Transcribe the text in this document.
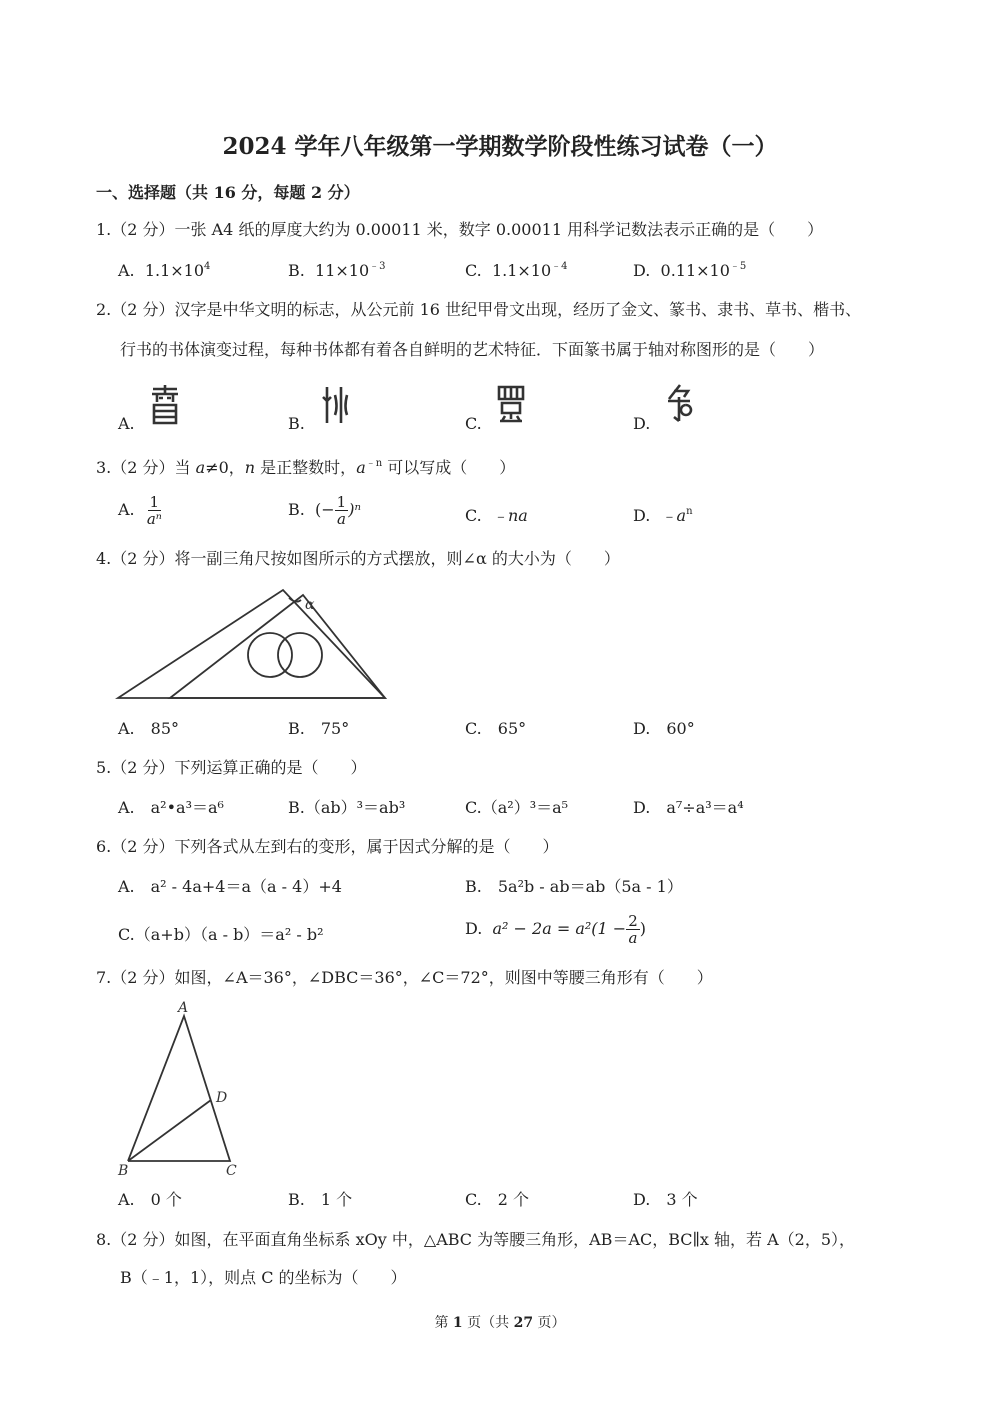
2024 学年八年级第一学期数学阶段性练习试卷（一）
一、选择题（共 16 分，每题 2 分）
1.（2 分）一张 A4 纸的厚度大约为 0.00011 米，数字 0.00011 用科学记数法表示正确的是（　　）
A. $1.1\times 10^4$	B. $11\times 10^{﹣3}$	C. $1.1\times 10^{﹣4}$	D. $0.11\times 10^{﹣5}$
2.（2 分）汉字是中华文明的标志，从公元前 16 世纪甲骨文出现，经历了金文、篆书、隶书、草书、楷书、
行书的书体演变过程，每种书体都有着各自鲜明的艺术特征．下面篆书属于轴对称图形的是（　　）
A.	B.	C.	D.
3.（2 分）当 a≠0，n 是正整数时，$a^{﹣n}$ 可以写成（　　）
A. $\frac{1}{\text{aⁿ}}$	B. (− $\frac{1}{a} )^n$	C. ﹣na	D. $﹣a^n$
4.（2 分）将一副三角尺按如图所示的方式摆放，则∠α 的大小为（　　）
α
A.　85°	B.　75°	C.　65°	D.　60°
5.（2 分）下列运算正确的是（　　）
A.　a²•a³＝a⁶	B.（ab）³＝ab³	C.（a²）³＝a⁵	D.　a⁷÷a³＝a⁴
6.（2 分）下列各式从左到右的变形，属于因式分解的是（　　）
A.　a² - 4a+4＝a（a - 4）+4	B.　5a²b - ab＝ab（5a - 1）
C.（a+b）（a - b）＝a² - b²	D. $a^2 - 2a = a^2(1 - \frac{2}{a}$ )
7.（2 分）如图，∠A＝36°，∠DBC＝36°，∠C＝72°，则图中等腰三角形有（　　）
A
B	C
D
A.　0 个	B.　1 个	C.　2 个	D.　3 个
8.（2 分）如图，在平面直角坐标系 xOy 中，△ABC 为等腰三角形，AB＝AC，BC∥x 轴，若 A（2，5），
B（﹣1，1），则点 C 的坐标为（　　）
第 1 页（共 27 页）
